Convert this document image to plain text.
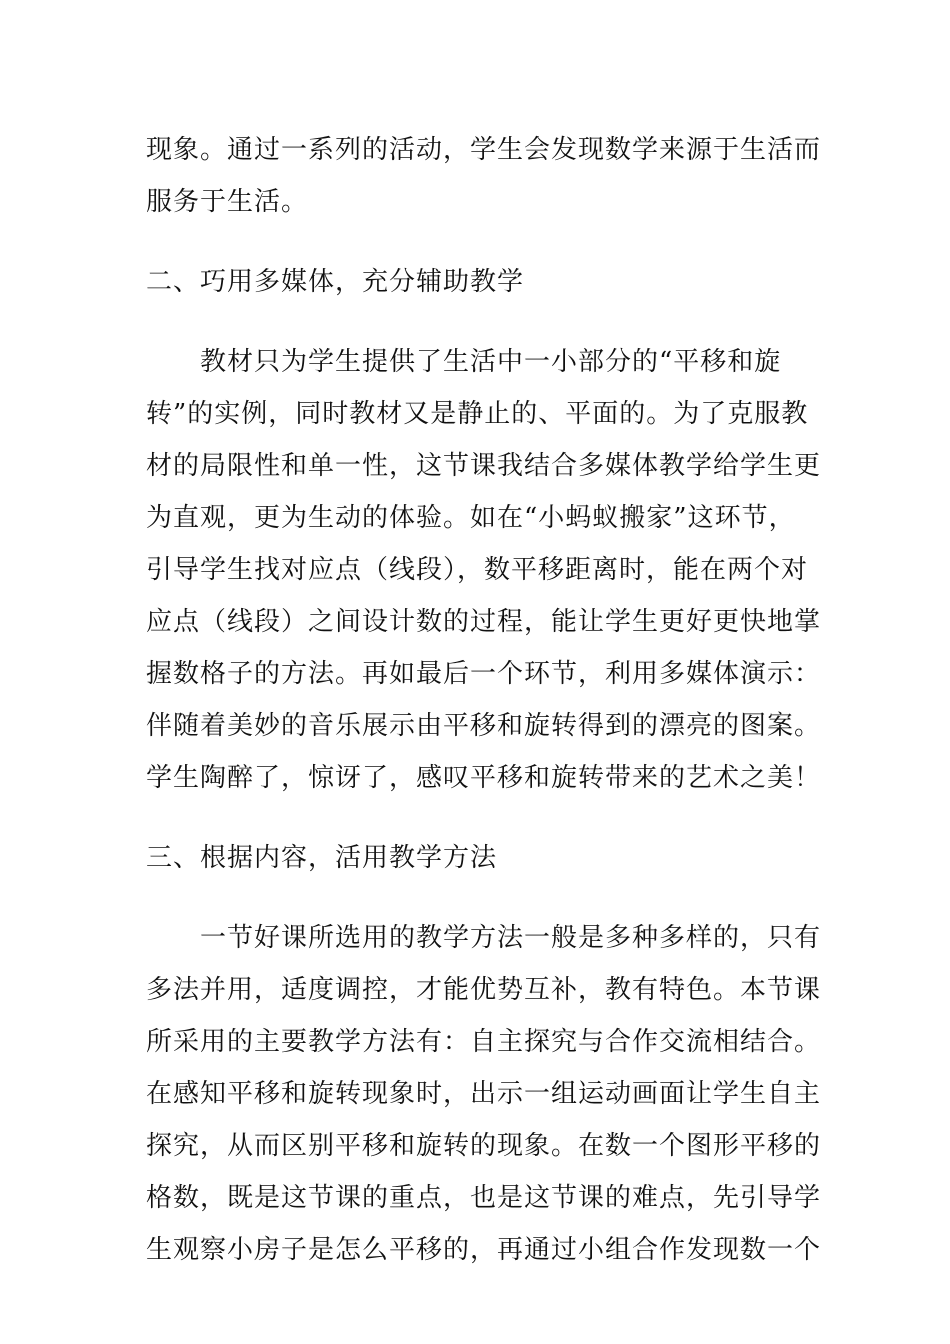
现象。通过一系列的活动，学生会发现数学来源于生活而
服务于生活。
二、巧用多媒体，充分辅助教学
教材只为学生提供了生活中一小部分的“平移和旋
转”的实例，同时教材又是静止的、平面的。为了克服教
材的局限性和单一性，这节课我结合多媒体教学给学生更
为直观，更为生动的体验。如在“小蚂蚁搬家”这环节，
引导学生找对应点（线段），数平移距离时，能在两个对
应点（线段）之间设计数的过程，能让学生更好更快地掌
握数格子的方法。再如最后一个环节，利用多媒体演示：
伴随着美妙的音乐展示由平移和旋转得到的漂亮的图案。
学生陶醉了，惊讶了，感叹平移和旋转带来的艺术之美！
三、根据内容，活用教学方法
一节好课所选用的教学方法一般是多种多样的，只有
多法并用，适度调控，才能优势互补，教有特色。本节课
所采用的主要教学方法有：自主探究与合作交流相结合。
在感知平移和旋转现象时，出示一组运动画面让学生自主
探究，从而区别平移和旋转的现象。在数一个图形平移的
格数，既是这节课的重点，也是这节课的难点，先引导学
生观察小房子是怎么平移的，再通过小组合作发现数一个
